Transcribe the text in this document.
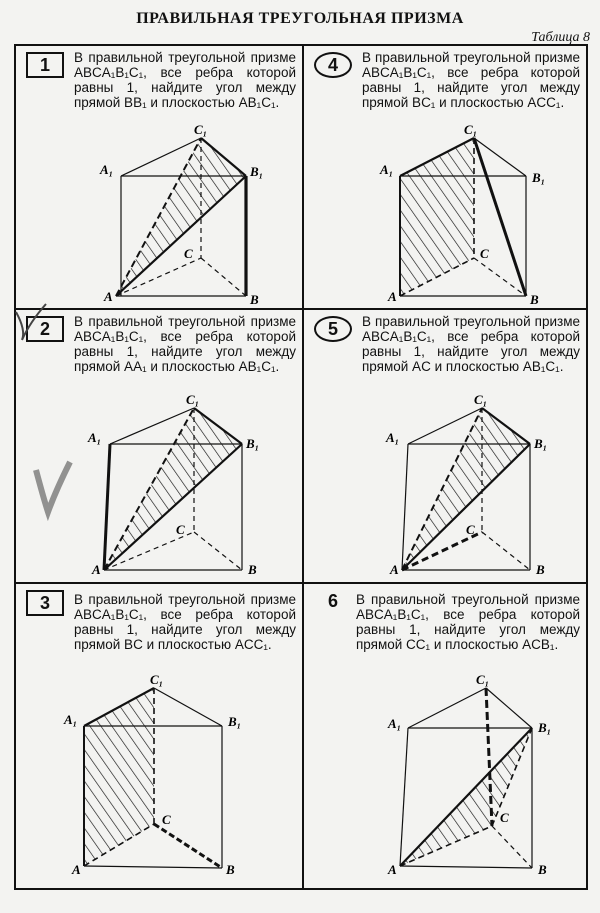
ПРАВИЛЬНАЯ ТРЕУГОЛЬНАЯ ПРИЗМА
Таблица 8
1	В правильной треугольной призме ABCA₁B₁C₁, все ребра которой равны 1, найдите угол между прямой BB₁ и плоскостью AB₁C₁.
A	B
C
A₁	B₁
C₁
4	В правильной треугольной призме ABCA₁B₁C₁, все ребра которой равны 1, найдите угол между прямой BC₁ и плоскостью ACC₁.
A	B
C
A₁
B₁
C₁
2	В правильной треугольной призме ABCA₁B₁C₁, все ребра которой равны 1, найдите угол между прямой AA₁ и плоскостью AB₁C₁.
A	B
C
A₁	B₁
C₁
5	В правильной треугольной призме ABCA₁B₁C₁, все ребра которой равны 1, найдите угол между прямой AC и плоскостью AB₁C₁.
A	B
C
A₁	B₁
C₁
3	В правильной треугольной призме ABCA₁B₁C₁, все ребра которой равны 1, найдите угол между прямой BC и плоскостью ACC₁.
A	B
C
A₁	B₁
C₁
6	В правильной треугольной призме ABCA₁B₁C₁, все ребра которой равны 1, найдите угол между прямой CC₁ и плоскостью ACB₁.
A	B
C
A₁	B₁
C₁
